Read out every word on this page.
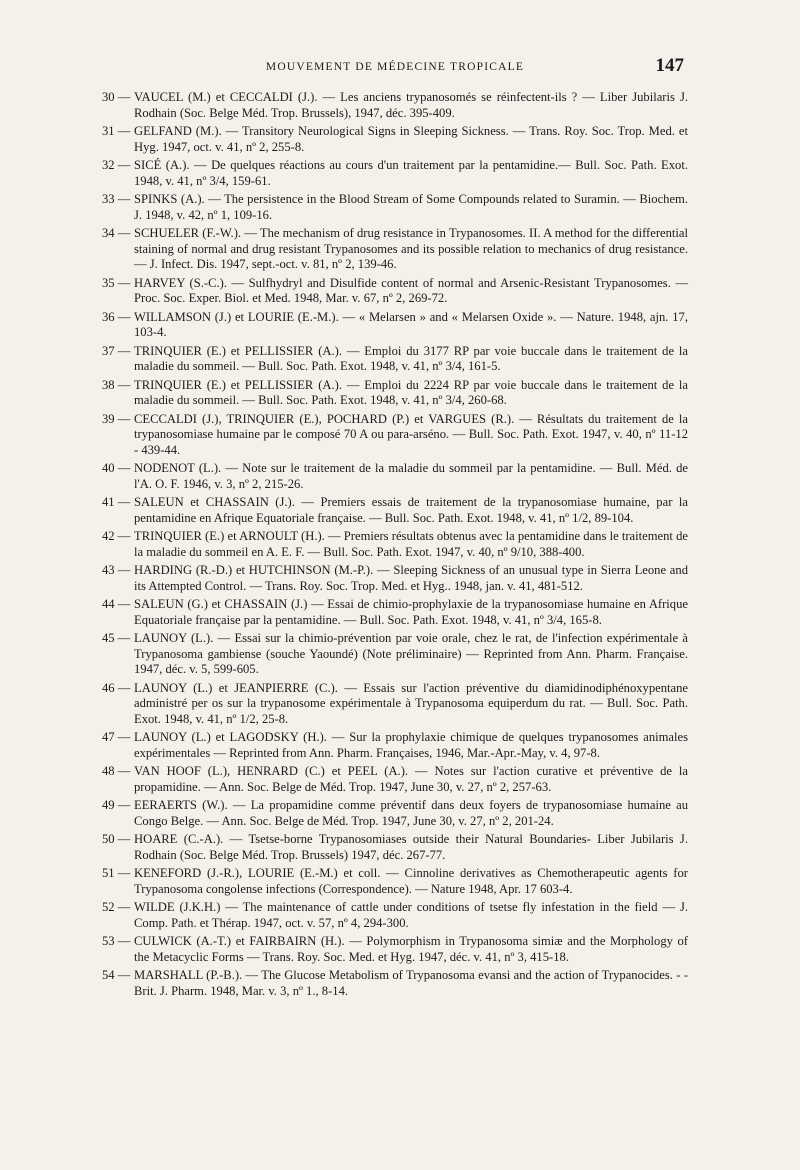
MOUVEMENT DE MÉDECINE TROPICALE	147
30 — VAUCEL (M.) et CECCALDI (J.). — Les anciens trypanosomés se réinfectent-ils ? — Liber Jubilaris J. Rodhain (Soc. Belge Méd. Trop. Brussels), 1947, déc. 395-409.
31 — GELFAND (M.). — Transitory Neurological Signs in Sleeping Sickness. — Trans. Roy. Soc. Trop. Med. et Hyg. 1947, oct. v. 41, nº 2, 255-8.
32 — SICÉ (A.). — De quelques réactions au cours d'un traitement par la pentamidine.— Bull. Soc. Path. Exot. 1948, v. 41, nº 3/4, 159-61.
33 — SPINKS (A.). — The persistence in the Blood Stream of Some Compounds related to Suramin. — Biochem. J. 1948, v. 42, nº 1, 109-16.
34 — SCHUELER (F.-W.). — The mechanism of drug resistance in Trypanosomes. II. A method for the differential staining of normal and drug resistant Trypanosomes and its possible relation to mechanics of drug resistance. — J. Infect. Dis. 1947, sept.-oct. v. 81, nº 2, 139-46.
35 — HARVEY (S.-C.). — Sulfhydryl and Disulfide content of normal and Arsenic-Resistant Trypanosomes. — Proc. Soc. Exper. Biol. et Med. 1948, Mar. v. 67, nº 2, 269-72.
36 — WILLAMSON (J.) et LOURIE (E.-M.). — « Melarsen » and « Melarsen Oxide ». — Nature. 1948, ajn. 17, 103-4.
37 — TRINQUIER (E.) et PELLISSIER (A.). — Emploi du 3177 RP par voie buccale dans le traitement de la maladie du sommeil. — Bull. Soc. Path. Exot. 1948, v. 41, nº 3/4, 161-5.
38 — TRINQUIER (E.) et PELLISSIER (A.). — Emploi du 2224 RP par voie buccale dans le traitement de la maladie du sommeil. — Bull. Soc. Path. Exot. 1948, v. 41, nº 3/4, 260-68.
39 — CECCALDI (J.), TRINQUIER (E.), POCHARD (P.) et VARGUES (R.). — Résultats du traitement de la trypanosomiase humaine par le composé 70 A ou para-arséno. — Bull. Soc. Path. Exot. 1947, v. 40, nº 11-12 - 439-44.
40 — NODENOT (L.). — Note sur le traitement de la maladie du sommeil par la pentamidine. — Bull. Méd. de l'A. O. F. 1946, v. 3, nº 2, 215-26.
41 — SALEUN et CHASSAIN (J.). — Premiers essais de traitement de la trypanosomiase humaine, par la pentamidine en Afrique Equatoriale française. — Bull. Soc. Path. Exot. 1948, v. 41, nº 1/2, 89-104.
42 — TRINQUIER (E.) et ARNOULT (H.). — Premiers résultats obtenus avec la pentamidine dans le traitement de la maladie du sommeil en A. E. F. — Bull. Soc. Path. Exot. 1947, v. 40, nº 9/10, 388-400.
43 — HARDING (R.-D.) et HUTCHINSON (M.-P.). — Sleeping Sickness of an unusual type in Sierra Leone and its Attempted Control. — Trans. Roy. Soc. Trop. Med. et Hyg.. 1948, jan. v. 41, 481-512.
44 — SALEUN (G.) et CHASSAIN (J.) — Essai de chimio-prophylaxie de la trypanosomiase humaine en Afrique Equatoriale française par la pentamidine. — Bull. Soc. Path. Exot. 1948, v. 41, nº 3/4, 165-8.
45 — LAUNOY (L.). — Essai sur la chimio-prévention par voie orale, chez le rat, de l'infection expérimentale à Trypanosoma gambiense (souche Yaoundé) (Note préliminaire) — Reprinted from Ann. Pharm. Française. 1947, déc. v. 5, 599-605.
46 — LAUNOY (L.) et JEANPIERRE (C.). — Essais sur l'action préventive du diamidinodiphénoxypentane administré per os sur la trypanosome expérimentale à Trypanosoma equiperdum du rat. — Bull. Soc. Path. Exot. 1948, v. 41, nº 1/2, 25-8.
47 — LAUNOY (L.) et LAGODSKY (H.). — Sur la prophylaxie chimique de quelques trypanosomes animales expérimentales — Reprinted from Ann. Pharm. Françaises, 1946, Mar.-Apr.-May, v. 4, 97-8.
48 — VAN HOOF (L.), HENRARD (C.) et PEEL (A.). — Notes sur l'action curative et préventive de la propamidine. — Ann. Soc. Belge de Méd. Trop. 1947, June 30, v. 27, nº 2, 257-63.
49 — EERAERTS (W.). — La propamidine comme préventif dans deux foyers de trypanosomiase humaine au Congo Belge. — Ann. Soc. Belge de Méd. Trop. 1947, June 30, v. 27, nº 2, 201-24.
50 — HOARE (C.-A.). — Tsetse-borne Trypanosomiases outside their Natural Boundaries- Liber Jubilaris J. Rodhain (Soc. Belge Méd. Trop. Brussels) 1947, déc. 267-77.
51 — KENEFORD (J.-R.), LOURIE (E.-M.) et coll. — Cinnoline derivatives as Chemotherapeutic agents for Trypanosoma congolense infections (Correspondence). — Nature 1948, Apr. 17 603-4.
52 — WILDE (J.K.H.) — The maintenance of cattle under conditions of tsetse fly infestation in the field — J. Comp. Path. et Thérap. 1947, oct. v. 57, nº 4, 294-300.
53 — CULWICK (A.-T.) et FAIRBAIRN (H.). — Polymorphism in Trypanosoma simiæ and the Morphology of the Metacyclic Forms — Trans. Roy. Soc. Med. et Hyg. 1947, déc. v. 41, nº 3, 415-18.
54 — MARSHALL (P.-B.). — The Glucose Metabolism of Trypanosoma evansi and the action of Trypanocides. - - Brit. J. Pharm. 1948, Mar. v. 3, nº 1., 8-14.
